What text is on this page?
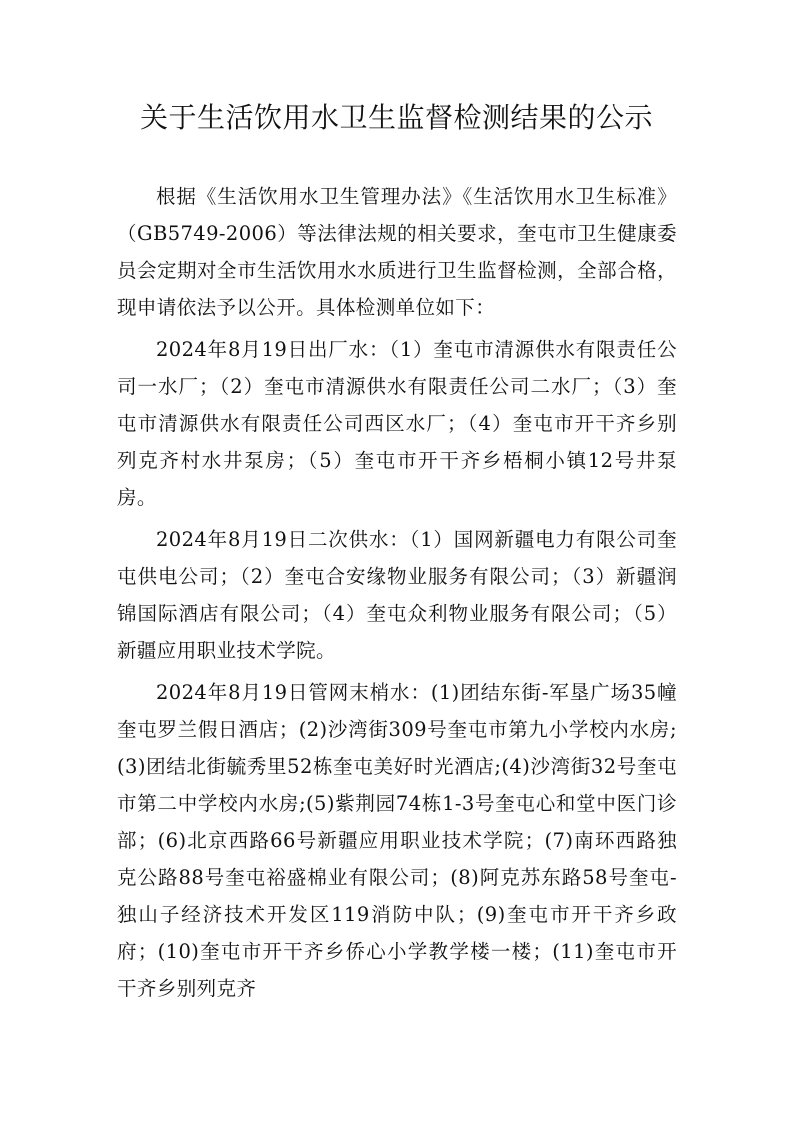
关于生活饮用水卫生监督检测结果的公示

根据《生活饮用水卫生管理办法》《生活饮用水卫生标准》（GB5749-2006）等法律法规的相关要求，奎屯市卫生健康委员会定期对全市生活饮用水水质进行卫生监督检测，全部合格，现申请依法予以公开。具体检测单位如下：

2024年8月19日出厂水：（1）奎屯市清源供水有限责任公司一水厂；（2）奎屯市清源供水有限责任公司二水厂；（3）奎屯市清源供水有限责任公司西区水厂；（4）奎屯市开干齐乡别列克齐村水井泵房；（5）奎屯市开干齐乡梧桐小镇12号井泵房。

2024年8月19日二次供水：（1）国网新疆电力有限公司奎屯供电公司；（2）奎屯合安缘物业服务有限公司；（3）新疆润锦国际酒店有限公司；（4）奎屯众利物业服务有限公司；（5）新疆应用职业技术学院。

2024年8月19日管网末梢水：(1)团结东街-军垦广场35幢奎屯罗兰假日酒店；(2)沙湾街309号奎屯市第九小学校内水房;(3)团结北街毓秀里52栋奎屯美好时光酒店;(4)沙湾街32号奎屯市第二中学校内水房;(5)紫荆园74栋1-3号奎屯心和堂中医门诊部；(6)北京西路66号新疆应用职业技术学院；(7)南环西路独克公路88号奎屯裕盛棉业有限公司；(8)阿克苏东路58号奎屯-独山子经济技术开发区119消防中队；(9)奎屯市开干齐乡政府；(10)奎屯市开干齐乡侨心小学教学楼一楼；(11)奎屯市开干齐乡别列克齐
